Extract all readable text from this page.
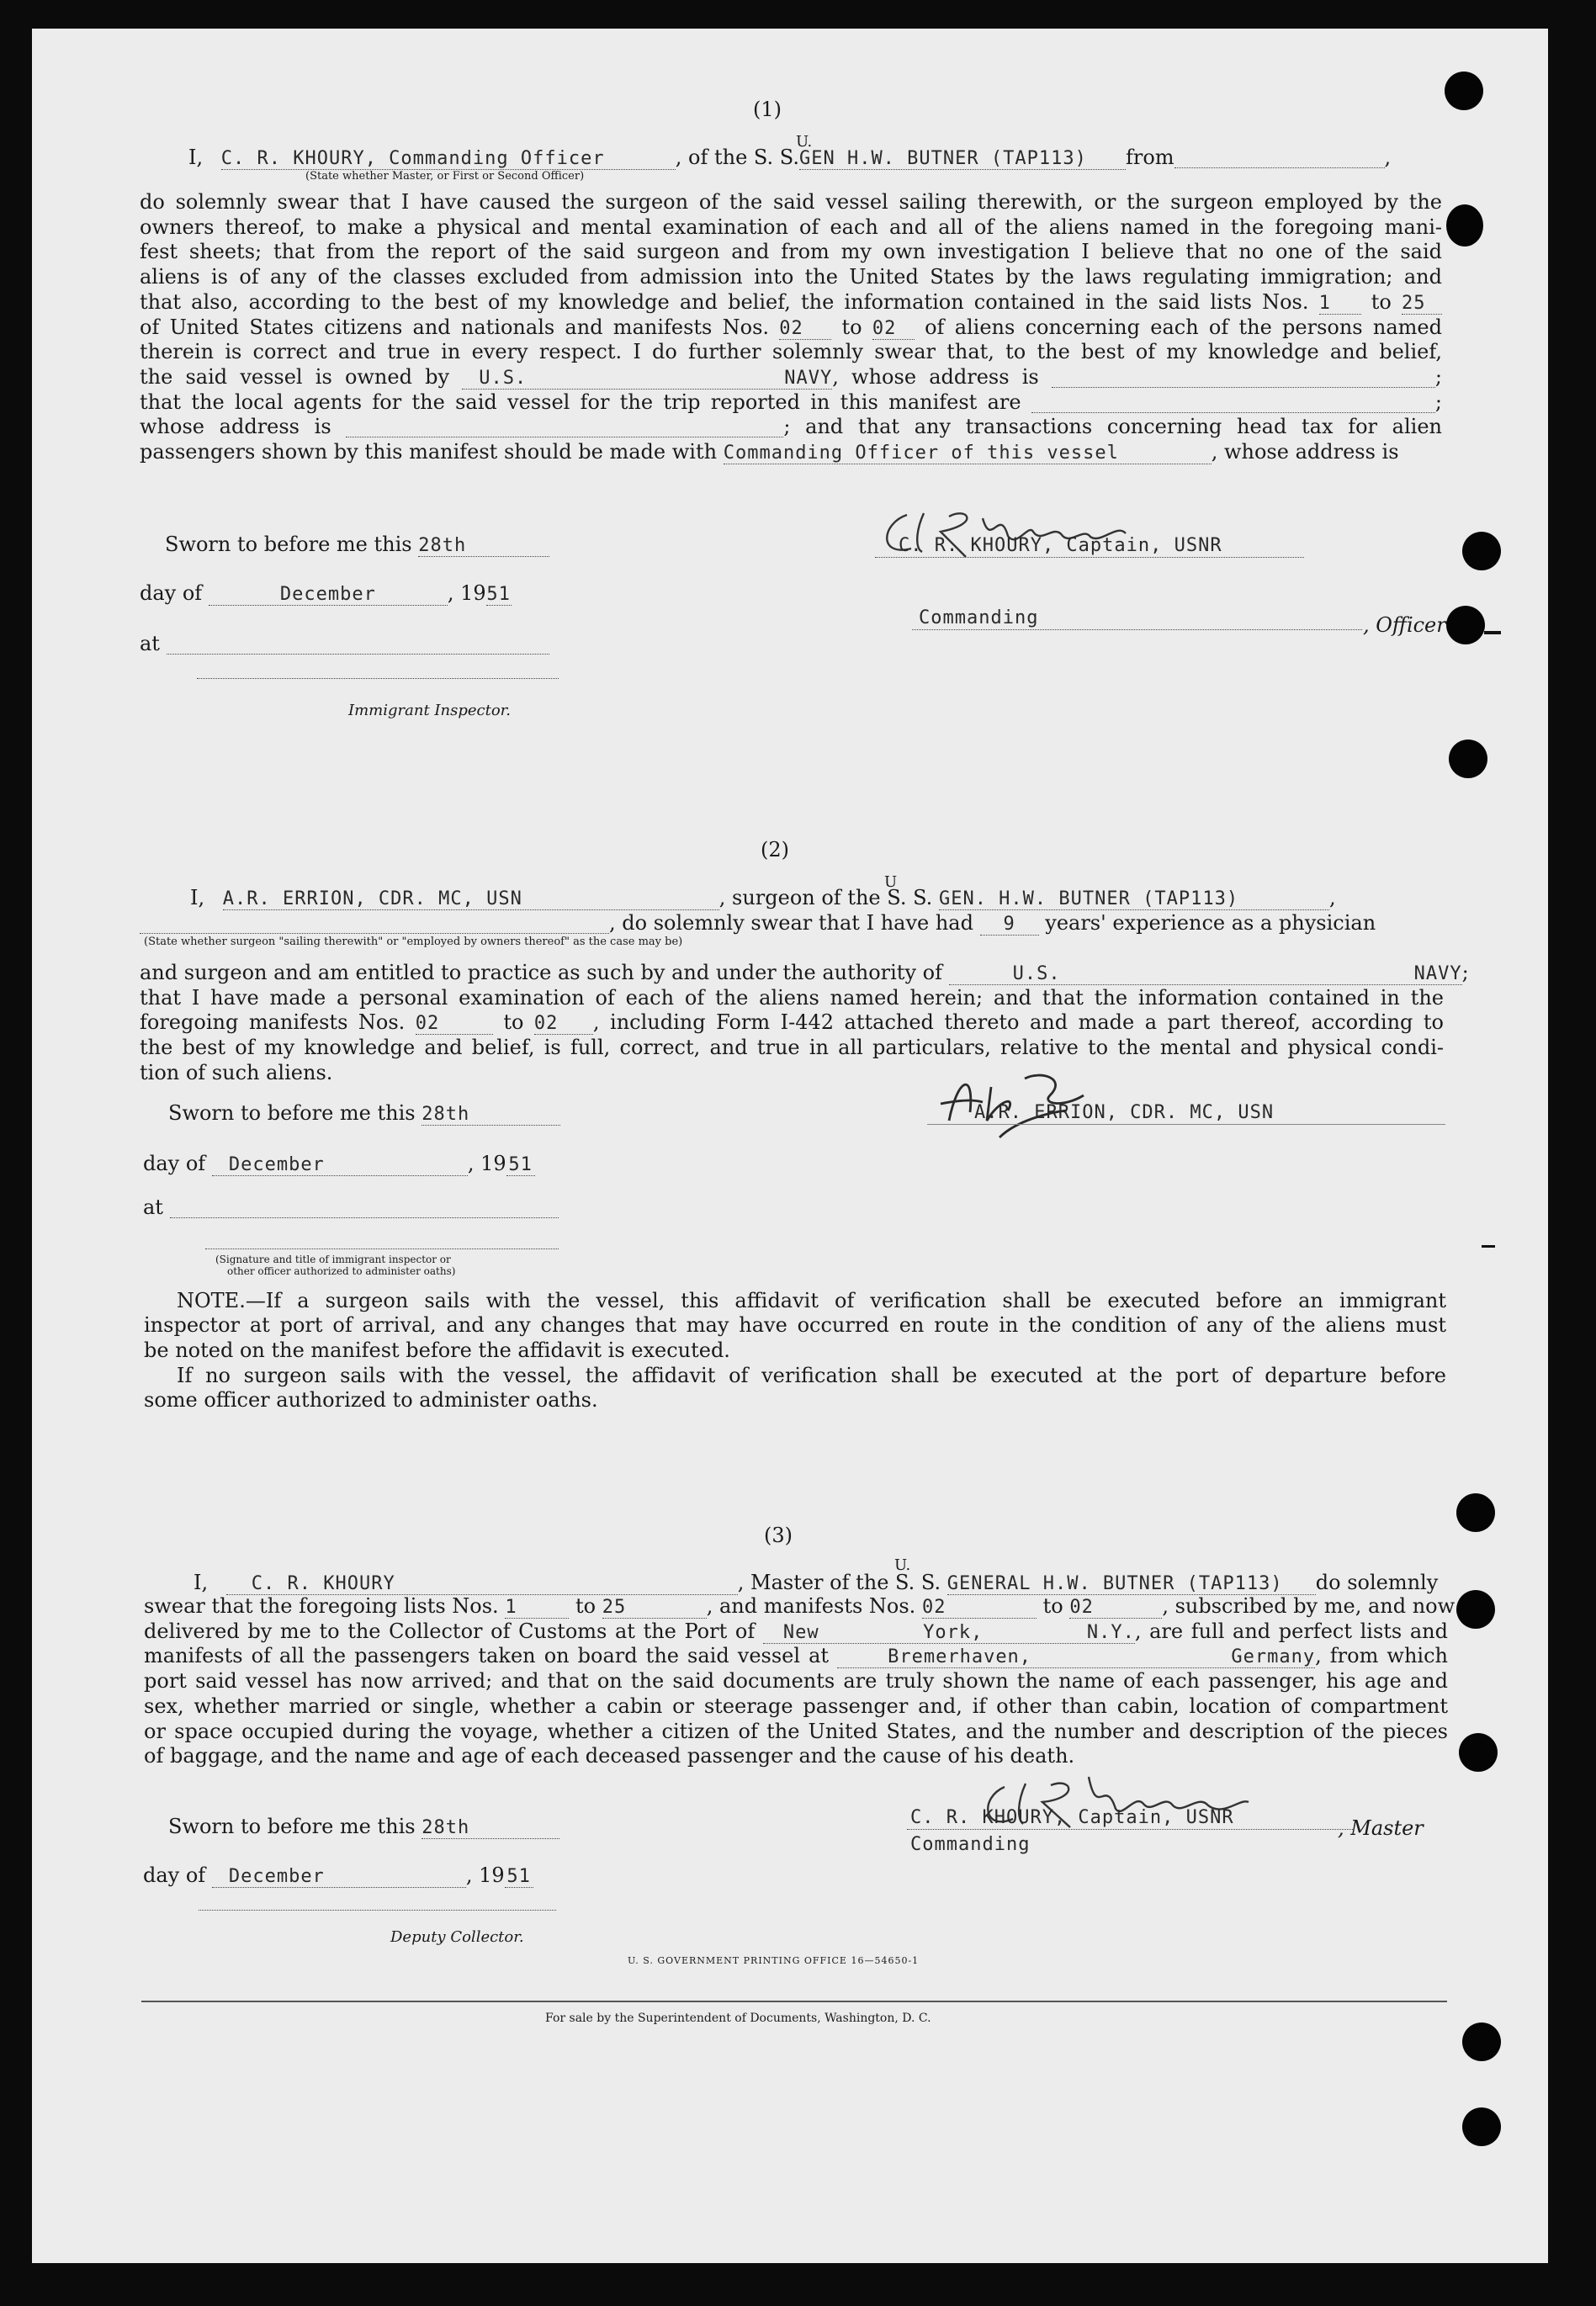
(1)
U.
I, C. R. KHOURY, Commanding Officer	, of the S. S.GEN H.W. BUTNER (TAP113) from	,
(State whether Master, or First or Second Officer)
do solemnly swear that I have caused the surgeon of the said vessel sailing therewith, or the surgeon employed by the
owners thereof, to make a physical and mental examination of each and all of the aliens named in the foregoing mani-
fest sheets; that from the report of the said surgeon and from my own investigation I believe that no one of the said
aliens is of any of the classes excluded from admission into the United States by the laws regulating immigration; and
that also, according to the best of my knowledge and belief, the information contained in the said lists Nos. 1 to 25
of United States citizens and nationals and manifests Nos. 02 to 02 of aliens concerning each of the persons named
therein is correct and true in every respect. I do further solemnly swear that, to the best of my knowledge and belief,
the said vessel is owned by U.S. NAVY, whose address is	;
that the local agents for the said vessel for the trip reported in this manifest are	;
whose address is	; and that any transactions concerning head tax for alien
passengers shown by this manifest should be made with Commanding Officer of this vessel	, whose address is
Sworn to before me this 28th
day of	December	, 1951
at
Immigrant Inspector.
C. R. KHOURY, Captain, USNR
Commanding	, Officer
(2)
U
I, A.R. ERRION, CDR. MC, USN	, surgeon of the S. S. GEN. H.W. BUTNER (TAP113)	,
, do solemnly swear that I have had 9 years' experience as a physician
(State whether surgeon "sailing therewith" or "employed by owners thereof" as the case may be)
and surgeon and am entitled to practice as such by and under the authority of	U.S. NAVY;
that I have made a personal examination of each of the aliens named herein; and that the information contained in the
foregoing manifests Nos. 02	to 02 , including Form I-442 attached thereto and made a part thereof, according to
the best of my knowledge and belief, is full, correct, and true in all particulars, relative to the mental and physical condi-
tion of such aliens.
Sworn to before me this 28th
day of December	, 19 51
at
(Signature and title of immigrant inspector or
other officer authorized to administer oaths)
A.R. ERRION, CDR. MC, USN
NOTE.—If a surgeon sails with the vessel, this affidavit of verification shall be executed before an immigrant
inspector at port of arrival, and any changes that may have occurred en route in the condition of any of the aliens must
be noted on the manifest before the affidavit is executed.
If no surgeon sails with the vessel, the affidavit of verification shall be executed at the port of departure before
some officer authorized to administer oaths.
(3)
U.
I, C. R. KHOURY	, Master of the S. S. GENERAL H.W. BUTNER (TAP113) do solemnly
swear that the foregoing lists Nos. 1	to 25	, and manifests Nos. 02	to 02	, subscribed by me, and now
delivered by me to the Collector of Customs at the Port of New York, N.Y., are full and perfect lists and
manifests of all the passengers taken on board the said vessel at	Bremerhaven, Germany, from which
port said vessel has now arrived; and that on the said documents are truly shown the name of each passenger, his age and
sex, whether married or single, whether a cabin or steerage passenger and, if other than cabin, location of compartment
or space occupied during the voyage, whether a citizen of the United States, and the number and description of the pieces
of baggage, and the name and age of each deceased passenger and the cause of his death.
Sworn to before me this 28th
day of December	, 19 51
Deputy Collector.
C. R. KHOURY, Captain, USNR	, Master
Commanding
U. S. GOVERNMENT PRINTING OFFICE 16—54650-1
For sale by the Superintendent of Documents, Washington, D. C.
